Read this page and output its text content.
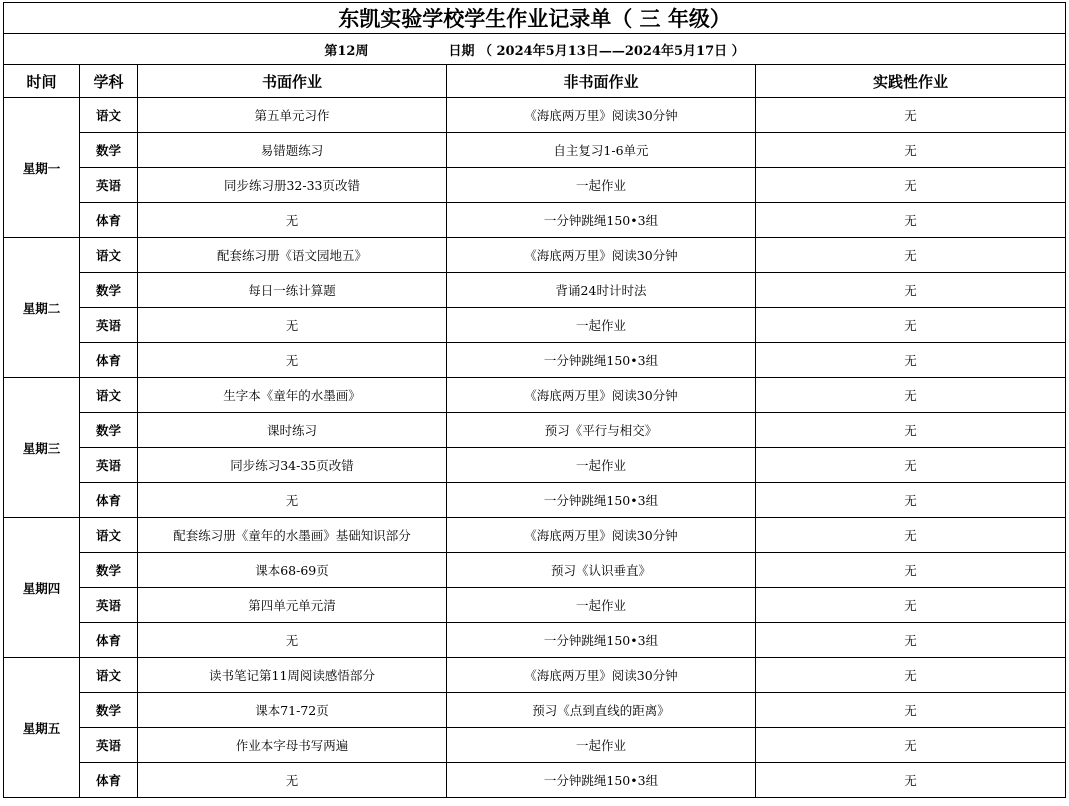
东凯实验学校学生作业记录单（ 三 年级）				
第12周 日期 （ 2024年5月13日——2024年5月17日 ）				
时间	学科	书面作业	非书面作业	实践性作业
星期一	语文	第五单元习作	《海底两万里》阅读30分钟	无
	数学	易错题练习	自主复习1-6单元	无
	英语	同步练习册32-33页改错	一起作业	无
	体育	无	一分钟跳绳150•3组	无
星期二	语文	配套练习册《语文园地五》	《海底两万里》阅读30分钟	无
	数学	每日一练计算题	背诵24时计时法	无
	英语	无	一起作业	无
	体育	无	一分钟跳绳150•3组	无
星期三	语文	生字本《童年的水墨画》	《海底两万里》阅读30分钟	无
	数学	课时练习	预习《平行与相交》	无
	英语	同步练习34-35页改错	一起作业	无
	体育	无	一分钟跳绳150•3组	无
星期四	语文	配套练习册《童年的水墨画》基础知识部分	《海底两万里》阅读30分钟	无
	数学	课本68-69页	预习《认识垂直》	无
	英语	第四单元单元清	一起作业	无
	体育	无	一分钟跳绳150•3组	无
星期五	语文	读书笔记第11周阅读感悟部分	《海底两万里》阅读30分钟	无
	数学	课本71-72页	预习《点到直线的距离》	无
	英语	作业本字母书写两遍	一起作业	无
	体育	无	一分钟跳绳150•3组	无
